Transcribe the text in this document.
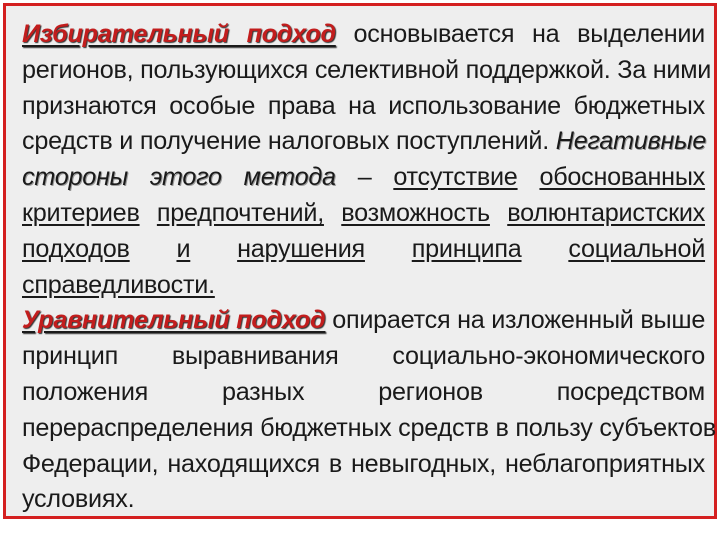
Избирательный подход основывается на выделении
регионов, пользующихся селективной поддержкой. За ними
признаются особые права на использование бюджетных
средств и получение налоговых поступлений. Негативные
стороны этого метода – отсутствие обоснованных
критериев предпочтений, возможность волюнтаристских
подходов и нарушения принципа социальной
справедливости.
Уравнительный подход опирается на изложенный выше
принцип выравнивания социально-экономического
положения разных регионов посредством
перераспределения бюджетных средств в пользу субъектов
Федерации, находящихся в невыгодных, неблагоприятных
условиях.
